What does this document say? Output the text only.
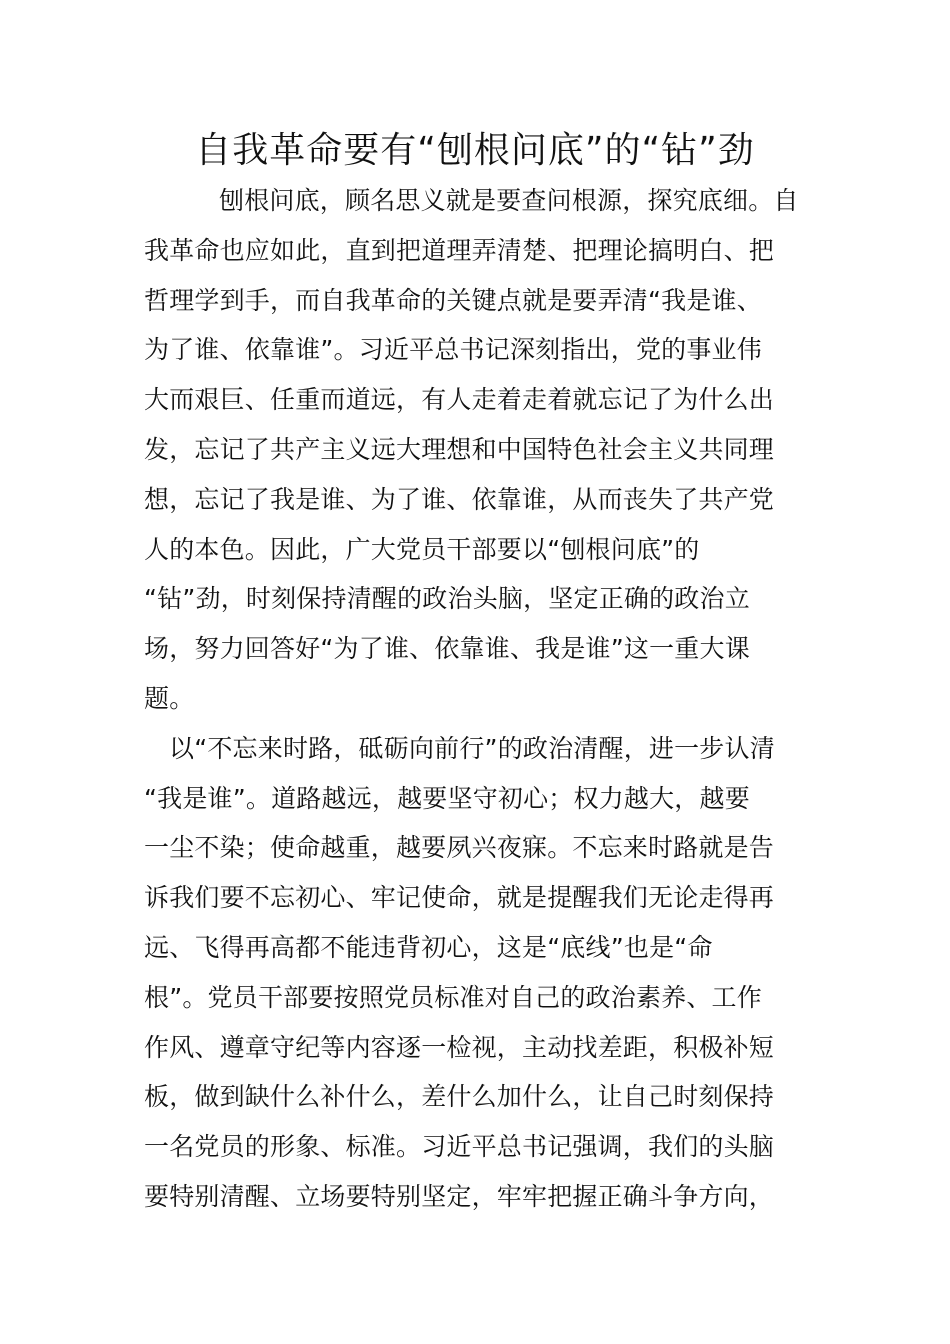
自我革命要有“刨根问底”的“钻”劲
刨根问底，顾名思义就是要查问根源，探究底细。自
我革命也应如此，直到把道理弄清楚、把理论搞明白、把
哲理学到手，而自我革命的关键点就是要弄清“我是谁、
为了谁、依靠谁”。习近平总书记深刻指出，党的事业伟
大而艰巨、任重而道远，有人走着走着就忘记了为什么出
发，忘记了共产主义远大理想和中国特色社会主义共同理
想，忘记了我是谁、为了谁、依靠谁，从而丧失了共产党
人的本色。因此，广大党员干部要以“刨根问底”的
“钻”劲，时刻保持清醒的政治头脑，坚定正确的政治立
场，努力回答好“为了谁、依靠谁、我是谁”这一重大课
题。
以“不忘来时路，砥砺向前行”的政治清醒，进一步认清
“我是谁”。道路越远，越要坚守初心；权力越大，越要
一尘不染；使命越重，越要夙兴夜寐。不忘来时路就是告
诉我们要不忘初心、牢记使命，就是提醒我们无论走得再
远、飞得再高都不能违背初心，这是“底线”也是“命
根”。党员干部要按照党员标准对自己的政治素养、工作
作风、遵章守纪等内容逐一检视，主动找差距，积极补短
板，做到缺什么补什么，差什么加什么，让自己时刻保持
一名党员的形象、标准。习近平总书记强调，我们的头脑
要特别清醒、立场要特别坚定，牢牢把握正确斗争方向，
